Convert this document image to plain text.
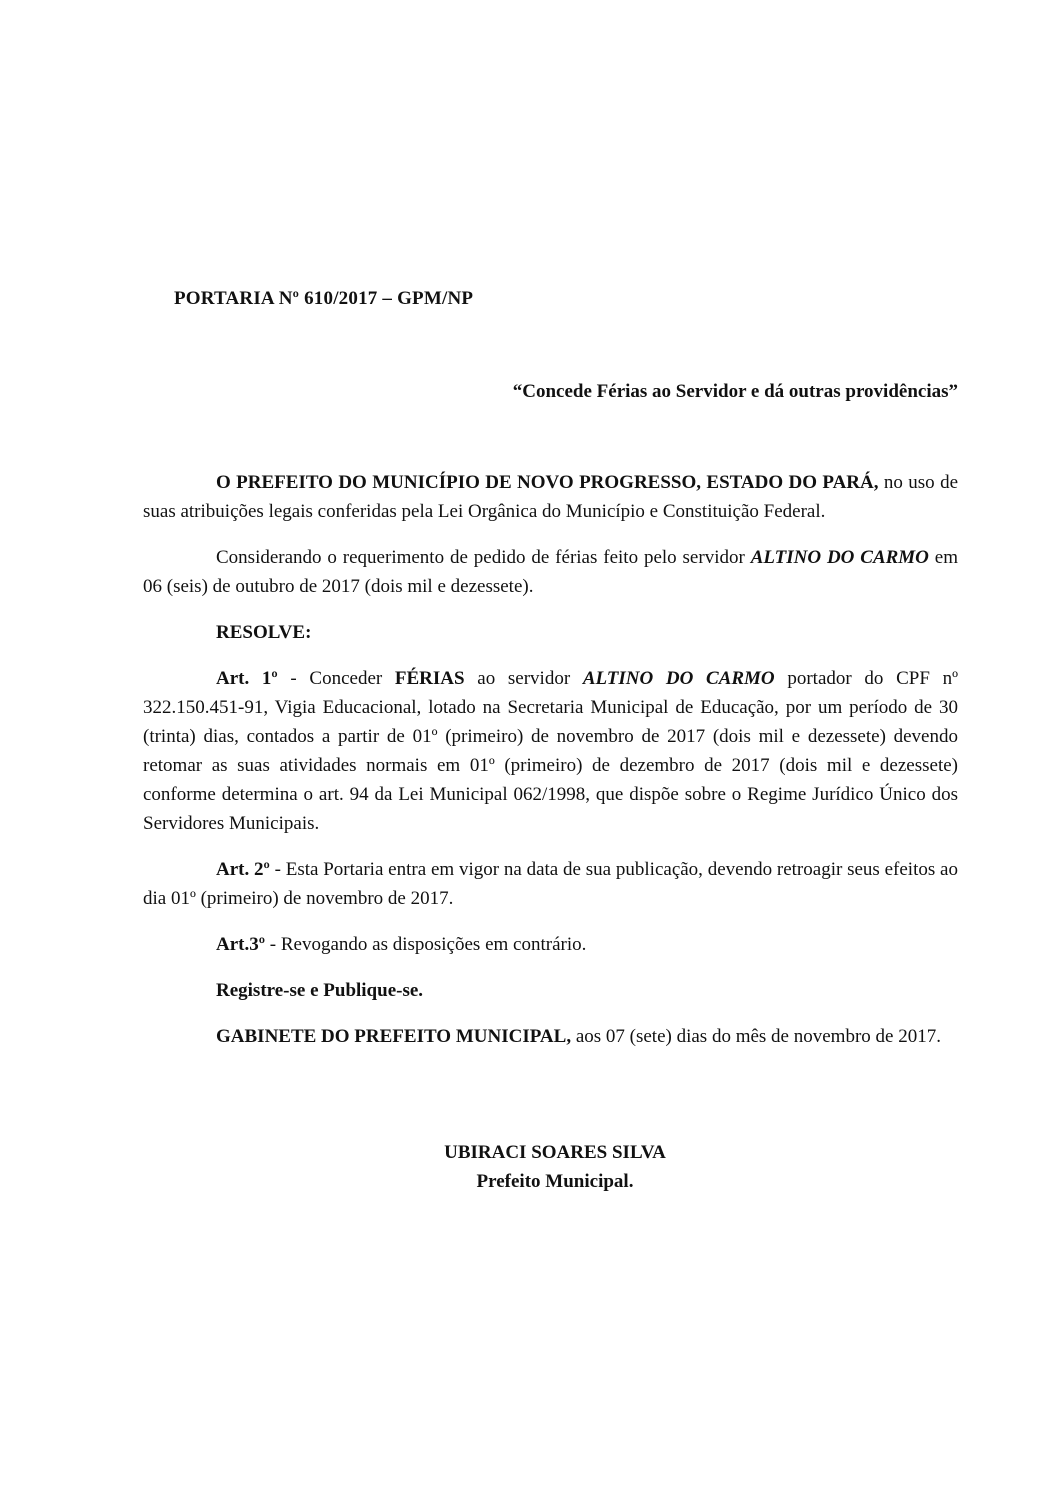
PORTARIA Nº 610/2017 – GPM/NP
“Concede Férias ao Servidor e dá outras providências”

O PREFEITO DO MUNICÍPIO DE NOVO PROGRESSO, ESTADO DO PARÁ, no uso de suas atribuições legais conferidas pela Lei Orgânica do Município e Constituição Federal.

Considerando o requerimento de pedido de férias feito pelo servidor ALTINO DO CARMO em 06 (seis) de outubro de 2017 (dois mil e dezessete).

RESOLVE:

Art. 1º - Conceder FÉRIAS ao servidor ALTINO DO CARMO portador do CPF nº 322.150.451-91, Vigia Educacional, lotado na Secretaria Municipal de Educação, por um período de 30 (trinta) dias, contados a partir de 01º (primeiro) de novembro de 2017 (dois mil e dezessete) devendo retomar as suas atividades normais em 01º (primeiro) de dezembro de 2017 (dois mil e dezessete) conforme determina o art. 94 da Lei Municipal 062/1998, que dispõe sobre o Regime Jurídico Único dos Servidores Municipais.

Art. 2º - Esta Portaria entra em vigor na data de sua publicação, devendo retroagir seus efeitos ao dia 01º (primeiro) de novembro de 2017.

Art.3º - Revogando as disposições em contrário.

Registre-se e Publique-se.

GABINETE DO PREFEITO MUNICIPAL, aos 07 (sete) dias do mês de novembro de 2017.

UBIRACI SOARES SILVA
Prefeito Municipal.
